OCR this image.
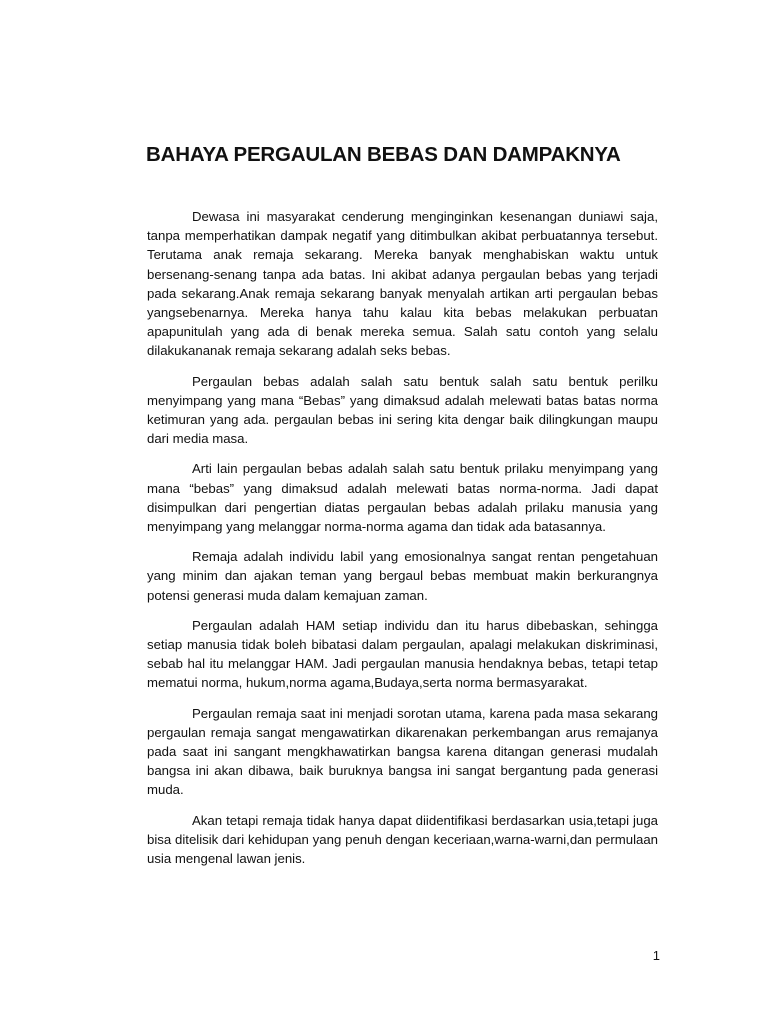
BAHAYA PERGAULAN BEBAS DAN DAMPAKNYA

Dewasa ini masyarakat cenderung menginginkan kesenangan duniawi saja, tanpa memperhatikan dampak negatif yang ditimbulkan akibat perbuatannya tersebut. Terutama anak remaja sekarang. Mereka banyak menghabiskan waktu untuk bersenang-senang tanpa ada batas. Ini akibat adanya pergaulan bebas yang terjadi pada sekarang.Anak remaja sekarang banyak menyalah artikan arti pergaulan bebas yangsebenarnya. Mereka hanya tahu kalau kita bebas melakukan perbuatan apapunitulah yang ada di benak mereka semua. Salah satu contoh yang selalu dilakukananak remaja sekarang adalah seks bebas.

Pergaulan bebas adalah salah satu bentuk salah satu bentuk perilku menyimpang yang mana “Bebas” yang dimaksud adalah melewati batas batas norma ketimuran yang ada. pergaulan bebas ini sering kita dengar baik dilingkungan maupu dari media masa.

Arti lain pergaulan bebas adalah salah satu bentuk prilaku menyimpang yang mana “bebas” yang dimaksud adalah melewati batas norma-norma. Jadi dapat disimpulkan dari pengertian diatas pergaulan bebas adalah prilaku manusia yang menyimpang yang melanggar norma-norma agama dan tidak ada batasannya.

Remaja adalah individu labil yang emosionalnya sangat rentan pengetahuan yang minim dan ajakan teman yang bergaul bebas membuat makin berkurangnya potensi generasi muda dalam kemajuan zaman.

Pergaulan adalah HAM setiap individu dan itu harus dibebaskan, sehingga setiap manusia tidak boleh bibatasi dalam pergaulan, apalagi melakukan diskriminasi, sebab hal itu melanggar HAM. Jadi pergaulan manusia hendaknya bebas, tetapi tetap mematui norma, hukum,norma agama,Budaya,serta norma bermasyarakat.

Pergaulan remaja saat ini menjadi sorotan utama, karena pada masa sekarang pergaulan remaja sangat mengawatirkan dikarenakan perkembangan arus remajanya pada saat ini sangant mengkhawatirkan bangsa karena ditangan generasi mudalah bangsa ini akan dibawa, baik buruknya bangsa ini sangat bergantung pada generasi muda.

Akan tetapi remaja tidak hanya dapat diidentifikasi berdasarkan usia,tetapi juga bisa ditelisik dari kehidupan yang penuh dengan keceriaan,warna-warni,dan permulaan usia mengenal lawan jenis.

1
